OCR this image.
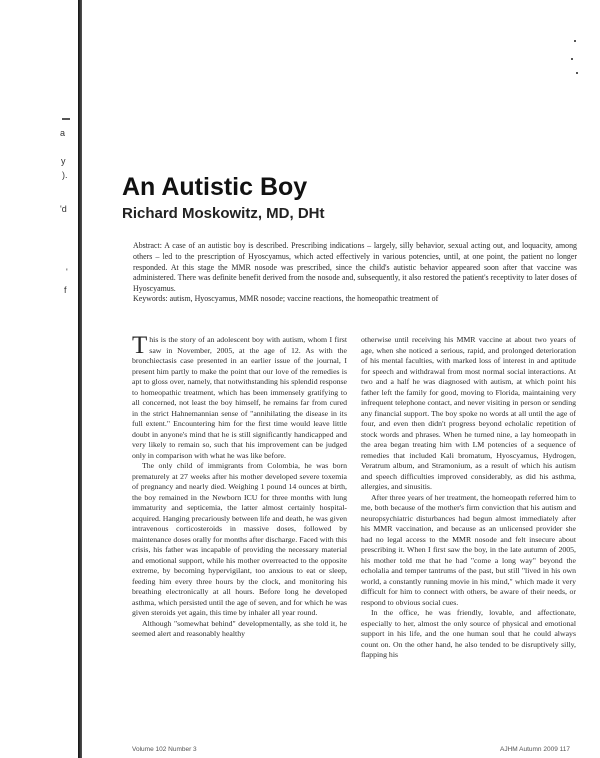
a
y
).
'd
'
f
An Autistic Boy
Richard Moskowitz, MD, DHt
Abstract: A case of an autistic boy is described. Prescribing indications – largely, silly behavior, sexual acting out, and loquacity, among others – led to the prescription of Hyoscyamus, which acted effectively in various potencies, until, at one point, the patient no longer responded. At this stage the MMR nosode was prescribed, since the child's autistic behavior appeared soon after that vaccine was administered. There was definite benefit derived from the nosode and, subsequently, it also restored the patient's receptivity to later doses of Hyoscyamus.
Keywords: autism, Hyoscyamus, MMR nosode; vaccine reactions, the homeopathic treatment of

This is the story of an adolescent boy with autism, whom I first saw in November, 2005, at the age of 12. As with the bronchiectasis case presented in an earlier issue of the journal, I present him partly to make the point that our love of the remedies is apt to gloss over, namely, that notwithstanding his splendid response to homeopathic treatment, which has been immensely gratifying to all concerned, not least the boy himself, he remains far from cured in the strict Hahnemannian sense of "annihilating the disease in its full extent." Encountering him for the first time would leave little doubt in anyone's mind that he is still significantly handicapped and very likely to remain so, such that his improvement can be judged only in comparison with what he was like before.

The only child of immigrants from Colombia, he was born prematurely at 27 weeks after his mother developed severe toxemia of pregnancy and nearly died. Weighing 1 pound 14 ounces at birth, the boy remained in the Newborn ICU for three months with lung immaturity and septicemia, the latter almost certainly hospital-acquired. Hanging precariously between life and death, he was given intravenous corticosteroids in massive doses, followed by maintenance doses orally for months after discharge. Faced with this crisis, his father was incapable of providing the necessary material and emotional support, while his mother overreacted to the opposite extreme, by becoming hypervigilant, too anxious to eat or sleep, feeding him every three hours by the clock, and monitoring his breathing electronically at all hours. Before long he developed asthma, which persisted until the age of seven, and for which he was given steroids yet again, this time by inhaler all year round.

Although "somewhat behind" developmentally, as she told it, he seemed alert and reasonably healthy

otherwise until receiving his MMR vaccine at about two years of age, when she noticed a serious, rapid, and prolonged deterioration of his mental faculties, with marked loss of interest in and aptitude for speech and withdrawal from most normal social interactions. At two and a half he was diagnosed with autism, at which point his father left the family for good, moving to Florida, maintaining very infrequent telephone contact, and never visiting in person or sending any financial support. The boy spoke no words at all until the age of four, and even then didn't progress beyond echolalic repetition of stock words and phrases. When he turned nine, a lay homeopath in the area began treating him with LM potencies of a sequence of remedies that included Kali bromatum, Hyoscyamus, Hydrogen, Veratrum album, and Stramonium, as a result of which his autism and speech difficulties improved considerably, as did his asthma, allergies, and sinusitis.

After three years of her treatment, the homeopath referred him to me, both because of the mother's firm conviction that his autism and neuropsychiatric disturbances had begun almost immediately after his MMR vaccination, and because as an unlicensed provider she had no legal access to the MMR nosode and felt insecure about prescribing it. When I first saw the boy, in the late autumn of 2005, his mother told me that he had "come a long way" beyond the echolalia and temper tantrums of the past, but still "lived in his own world, a constantly running movie in his mind," which made it very difficult for him to connect with others, be aware of their needs, or respond to obvious social cues.

In the office, he was friendly, lovable, and affectionate, especially to her, almost the only source of physical and emotional support in his life, and the one human soul that he could always count on. On the other hand, he also tended to be disruptively silly, flapping his

Volume 102 Number 3	AJHM Autumn 2009 117
